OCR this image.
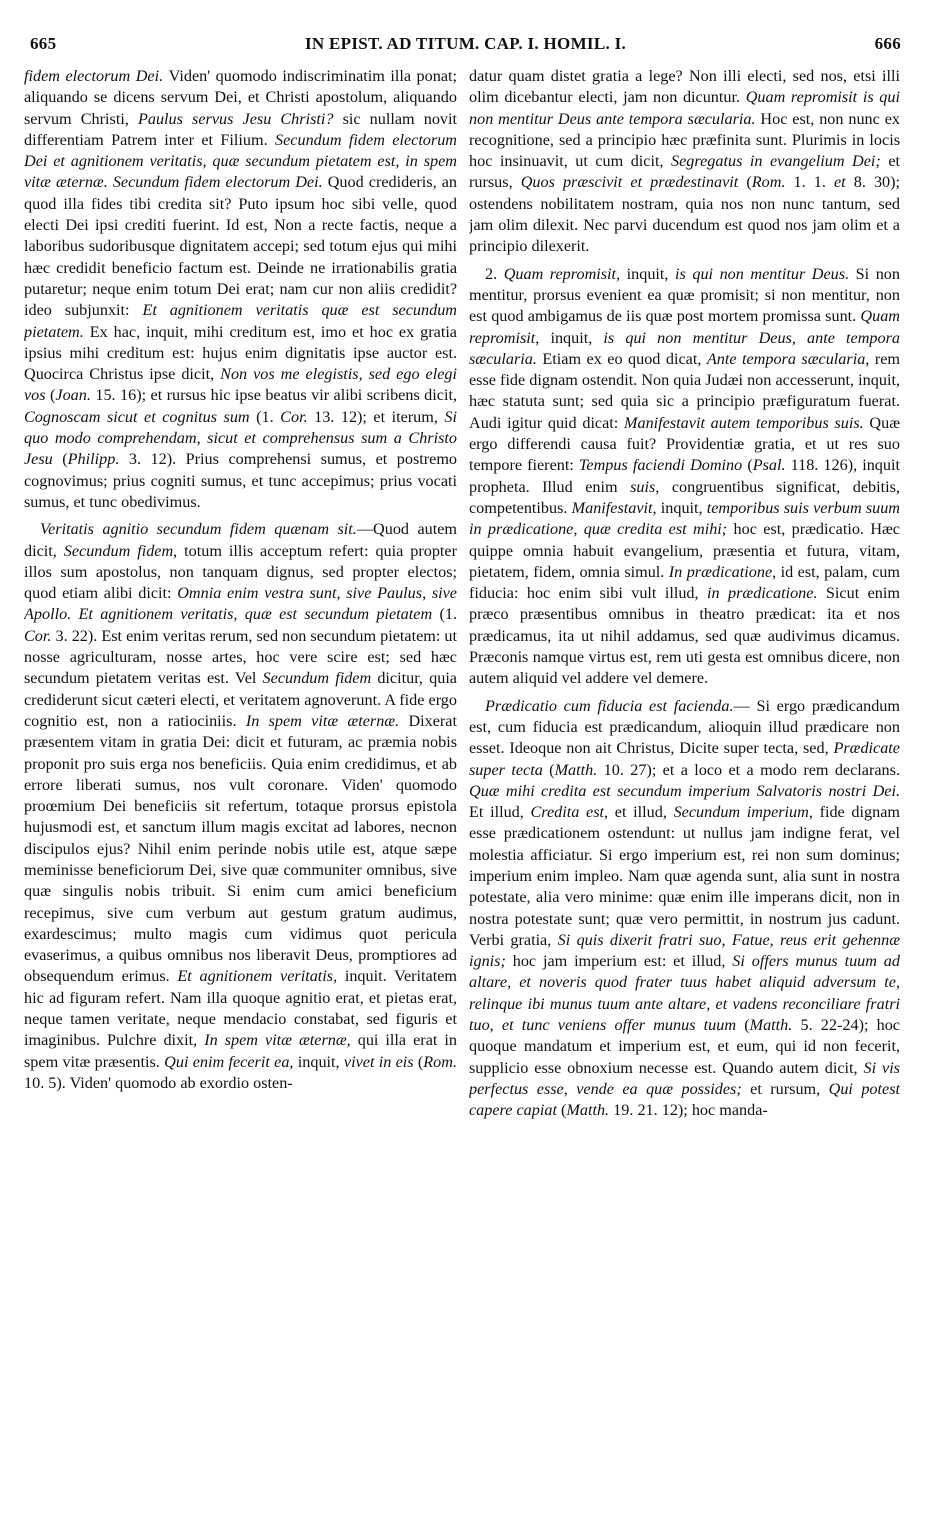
665	IN EPIST. AD TITUM. CAP. I. HOMIL. I.	666

fidem electorum Dei. Viden' quomodo indiscriminatim illa ponat; aliquando se dicens servum Dei, et Christi apostolum, aliquando servum Christi, Paulus servus Jesu Christi? sic nullam novit differentiam Patrem inter et Filium. Secundum fidem electorum Dei et agnitionem veritatis, quæ secundum pietatem est, in spem vitæ æternæ. Secundum fidem electorum Dei. Quod credideris, an quod illa fides tibi credita sit? Puto ipsum hoc sibi velle, quod electi Dei ipsi crediti fuerint. Id est, Non a recte factis, neque a laboribus sudoribusque dignitatem accepi; sed totum ejus qui mihi hæc credidit beneficio factum est. Deinde ne irrationabilis gratia putaretur; neque enim totum Dei erat; nam cur non aliis credidit? ideo subjunxit: Et agnitionem veritatis quæ est secundum pietatem. Ex hac, inquit, mihi creditum est, imo et hoc ex gratia ipsius mihi creditum est: hujus enim dignitatis ipse auctor est. Quocirca Christus ipse dicit, Non vos me elegistis, sed ego elegi vos (Joan. 15. 16); et rursus hic ipse beatus vir alibi scribens dicit, Cognoscam sicut et cognitus sum (1. Cor. 13. 12); et iterum, Si quo modo comprehendam, sicut et comprehensus sum a Christo Jesu (Philipp. 3. 12). Prius comprehensi sumus, et postremo cognovimus; prius cogniti sumus, et tunc accepimus; prius vocati sumus, et tunc obedivimus.

Veritatis agnitio secundum fidem quænam sit.—Quod autem dicit, Secundum fidem, totum illis acceptum refert: quia propter illos sum apostolus, non tanquam dignus, sed propter electos; quod etiam alibi dicit: Omnia enim vestra sunt, sive Paulus, sive Apollo. Et agnitionem veritatis, quæ est secundum pietatem (1. Cor. 3. 22). Est enim veritas rerum, sed non secundum pietatem: ut nosse agriculturam, nosse artes, hoc vere scire est; sed hæc secundum pietatem veritas est. Vel Secundum fidem dicitur, quia crediderunt sicut cæteri electi, et veritatem agnoverunt. A fide ergo cognitio est, non a ratiociniis. In spem vitæ æternæ. Dixerat præsentem vitam in gratia Dei: dicit et futuram, ac præmia nobis proponit pro suis erga nos beneficiis. Quia enim credidimus, et ab errore liberati sumus, nos vult coronare. Viden' quomodo proœmium Dei beneficiis sit refertum, totaque prorsus epistola hujusmodi est, et sanctum illum magis excitat ad labores, necnon discipulos ejus? Nihil enim perinde nobis utile est, atque sæpe meminisse beneficiorum Dei, sive quæ communiter omnibus, sive quæ singulis nobis tribuit. Si enim cum amici beneficium recepimus, sive cum verbum aut gestum gratum audimus, exardescimus; multo magis cum vidimus quot pericula evaserimus, a quibus omnibus nos liberavit Deus, promptiores ad obsequendum erimus. Et agnitionem veritatis, inquit. Veritatem hic ad figuram refert. Nam illa quoque agnitio erat, et pietas erat, neque tamen veritate, neque mendacio constabat, sed figuris et imaginibus. Pulchre dixit, In spem vitæ æternæ, qui illa erat in spem vitæ præsentis. Qui enim fecerit ea, inquit, vivet in eis (Rom. 10. 5). Viden' quomodo ab exordio osten-

datur quam distet gratia a lege? Non illi electi, sed nos, etsi illi olim dicebantur electi, jam non dicuntur. Quam repromisit is qui non mentitur Deus ante tempora sæcularia. Hoc est, non nunc ex recognitione, sed a principio hæc præfinita sunt. Plurimis in locis hoc insinuavit, ut cum dicit, Segregatus in evangelium Dei; et rursus, Quos præscivit et prædestinavit (Rom. 1. 1. et 8. 30); ostendens nobilitatem nostram, quia nos non nunc tantum, sed jam olim dilexit. Nec parvi ducendum est quod nos jam olim et a principio dilexerit.

2. Quam repromisit, inquit, is qui non mentitur Deus. Si non mentitur, prorsus evenient ea quæ promisit; si non mentitur, non est quod ambigamus de iis quæ post mortem promissa sunt. Quam repromisit, inquit, is qui non mentitur Deus, ante tempora sæcularia. Etiam ex eo quod dicat, Ante tempora sæcularia, rem esse fide dignam ostendit. Non quia Judæi non accesserunt, inquit, hæc statuta sunt; sed quia sic a principio præfiguratum fuerat. Audi igitur quid dicat: Manifestavit autem temporibus suis. Quæ ergo differendi causa fuit? Providentiæ gratia, et ut res suo tempore fierent: Tempus faciendi Domino (Psal. 118. 126), inquit propheta. Illud enim suis, congruentibus significat, debitis, competentibus. Manifestavit, inquit, temporibus suis verbum suum in prædicatione, quæ credita est mihi; hoc est, prædicatio. Hæc quippe omnia habuit evangelium, præsentia et futura, vitam, pietatem, fidem, omnia simul. In prædicatione, id est, palam, cum fiducia: hoc enim sibi vult illud, in prædicatione. Sicut enim præco præsentibus omnibus in theatro prædicat: ita et nos prædicamus, ita ut nihil addamus, sed quæ audivimus dicamus. Præconis namque virtus est, rem uti gesta est omnibus dicere, non autem aliquid vel addere vel demere.

Prædicatio cum fiducia est facienda.— Si ergo prædicandum est, cum fiducia est prædicandum, alioquin illud prædicare non esset. Ideoque non ait Christus, Dicite super tecta, sed, Prædicate super tecta (Matth. 10. 27); et a loco et a modo rem declarans. Quæ mihi credita est secundum imperium Salvatoris nostri Dei. Et illud, Credita est, et illud, Secundum imperium, fide dignam esse prædicationem ostendunt: ut nullus jam indigne ferat, vel molestia afficiatur. Si ergo imperium est, rei non sum dominus; imperium enim impleo. Nam quæ agenda sunt, alia sunt in nostra potestate, alia vero minime: quæ enim ille imperans dicit, non in nostra potestate sunt; quæ vero permittit, in nostrum jus cadunt. Verbi gratia, Si quis dixerit fratri suo, Fatue, reus erit gehennæ ignis; hoc jam imperium est: et illud, Si offers munus tuum ad altare, et noveris quod frater tuus habet aliquid adversum te, relinque ibi munus tuum ante altare, et vadens reconciliare fratri tuo, et tunc veniens offer munus tuum (Matth. 5. 22-24); hoc quoque mandatum et imperium est, et eum, qui id non fecerit, supplicio esse obnoxium necesse est. Quando autem dicit, Si vis perfectus esse, vende ea quæ possides; et rursum, Qui potest capere capiat (Matth. 19. 21. 12); hoc manda-
